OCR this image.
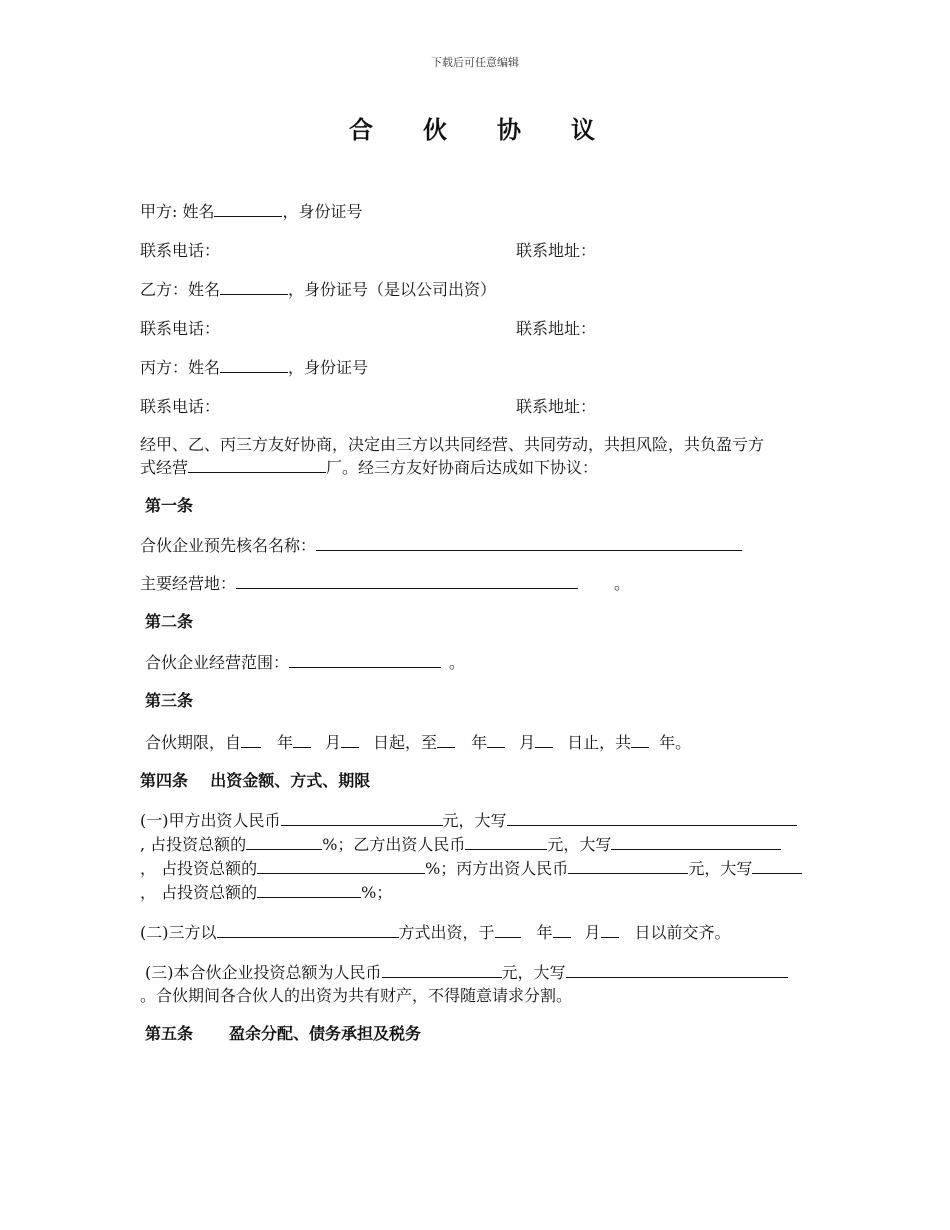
下载后可任意编辑
合 伙 协 议
甲方: 姓名	，身份证号
联系电话：	联系地址：
乙方：姓名	，身份证号（是以公司出资）
联系电话：	联系地址：
丙方：姓名	，身份证号
联系电话：	联系地址：
经甲、乙、丙三方友好协商，决定由三方以共同经营、共同劳动，共担风险，共负盈亏方
式经营	厂。经三方友好协商后达成如下协议：
第一条
合伙企业预先核名名称：
主要经营地：	。
第二条
合伙企业经营范围：	。
第三条
合伙期限，自 年 月 日起，至 年 月 日止，共 年。
第四条    出资金额、方式、期限
(一)甲方出资人民币	元，大写
, 占投资总额的	%；乙方出资人民币	元，大写
， 占投资总额的	%；丙方出资人民币	元，大写
， 占投资总额的	%；
(二)三方以	方式出资，于	年 月 日以前交齐。
(三)本合伙企业投资总额为人民币	元，大写
。合伙期间各合伙人的出资为共有财产，不得随意请求分割。
第五条 盈余分配、债务承担及税务
